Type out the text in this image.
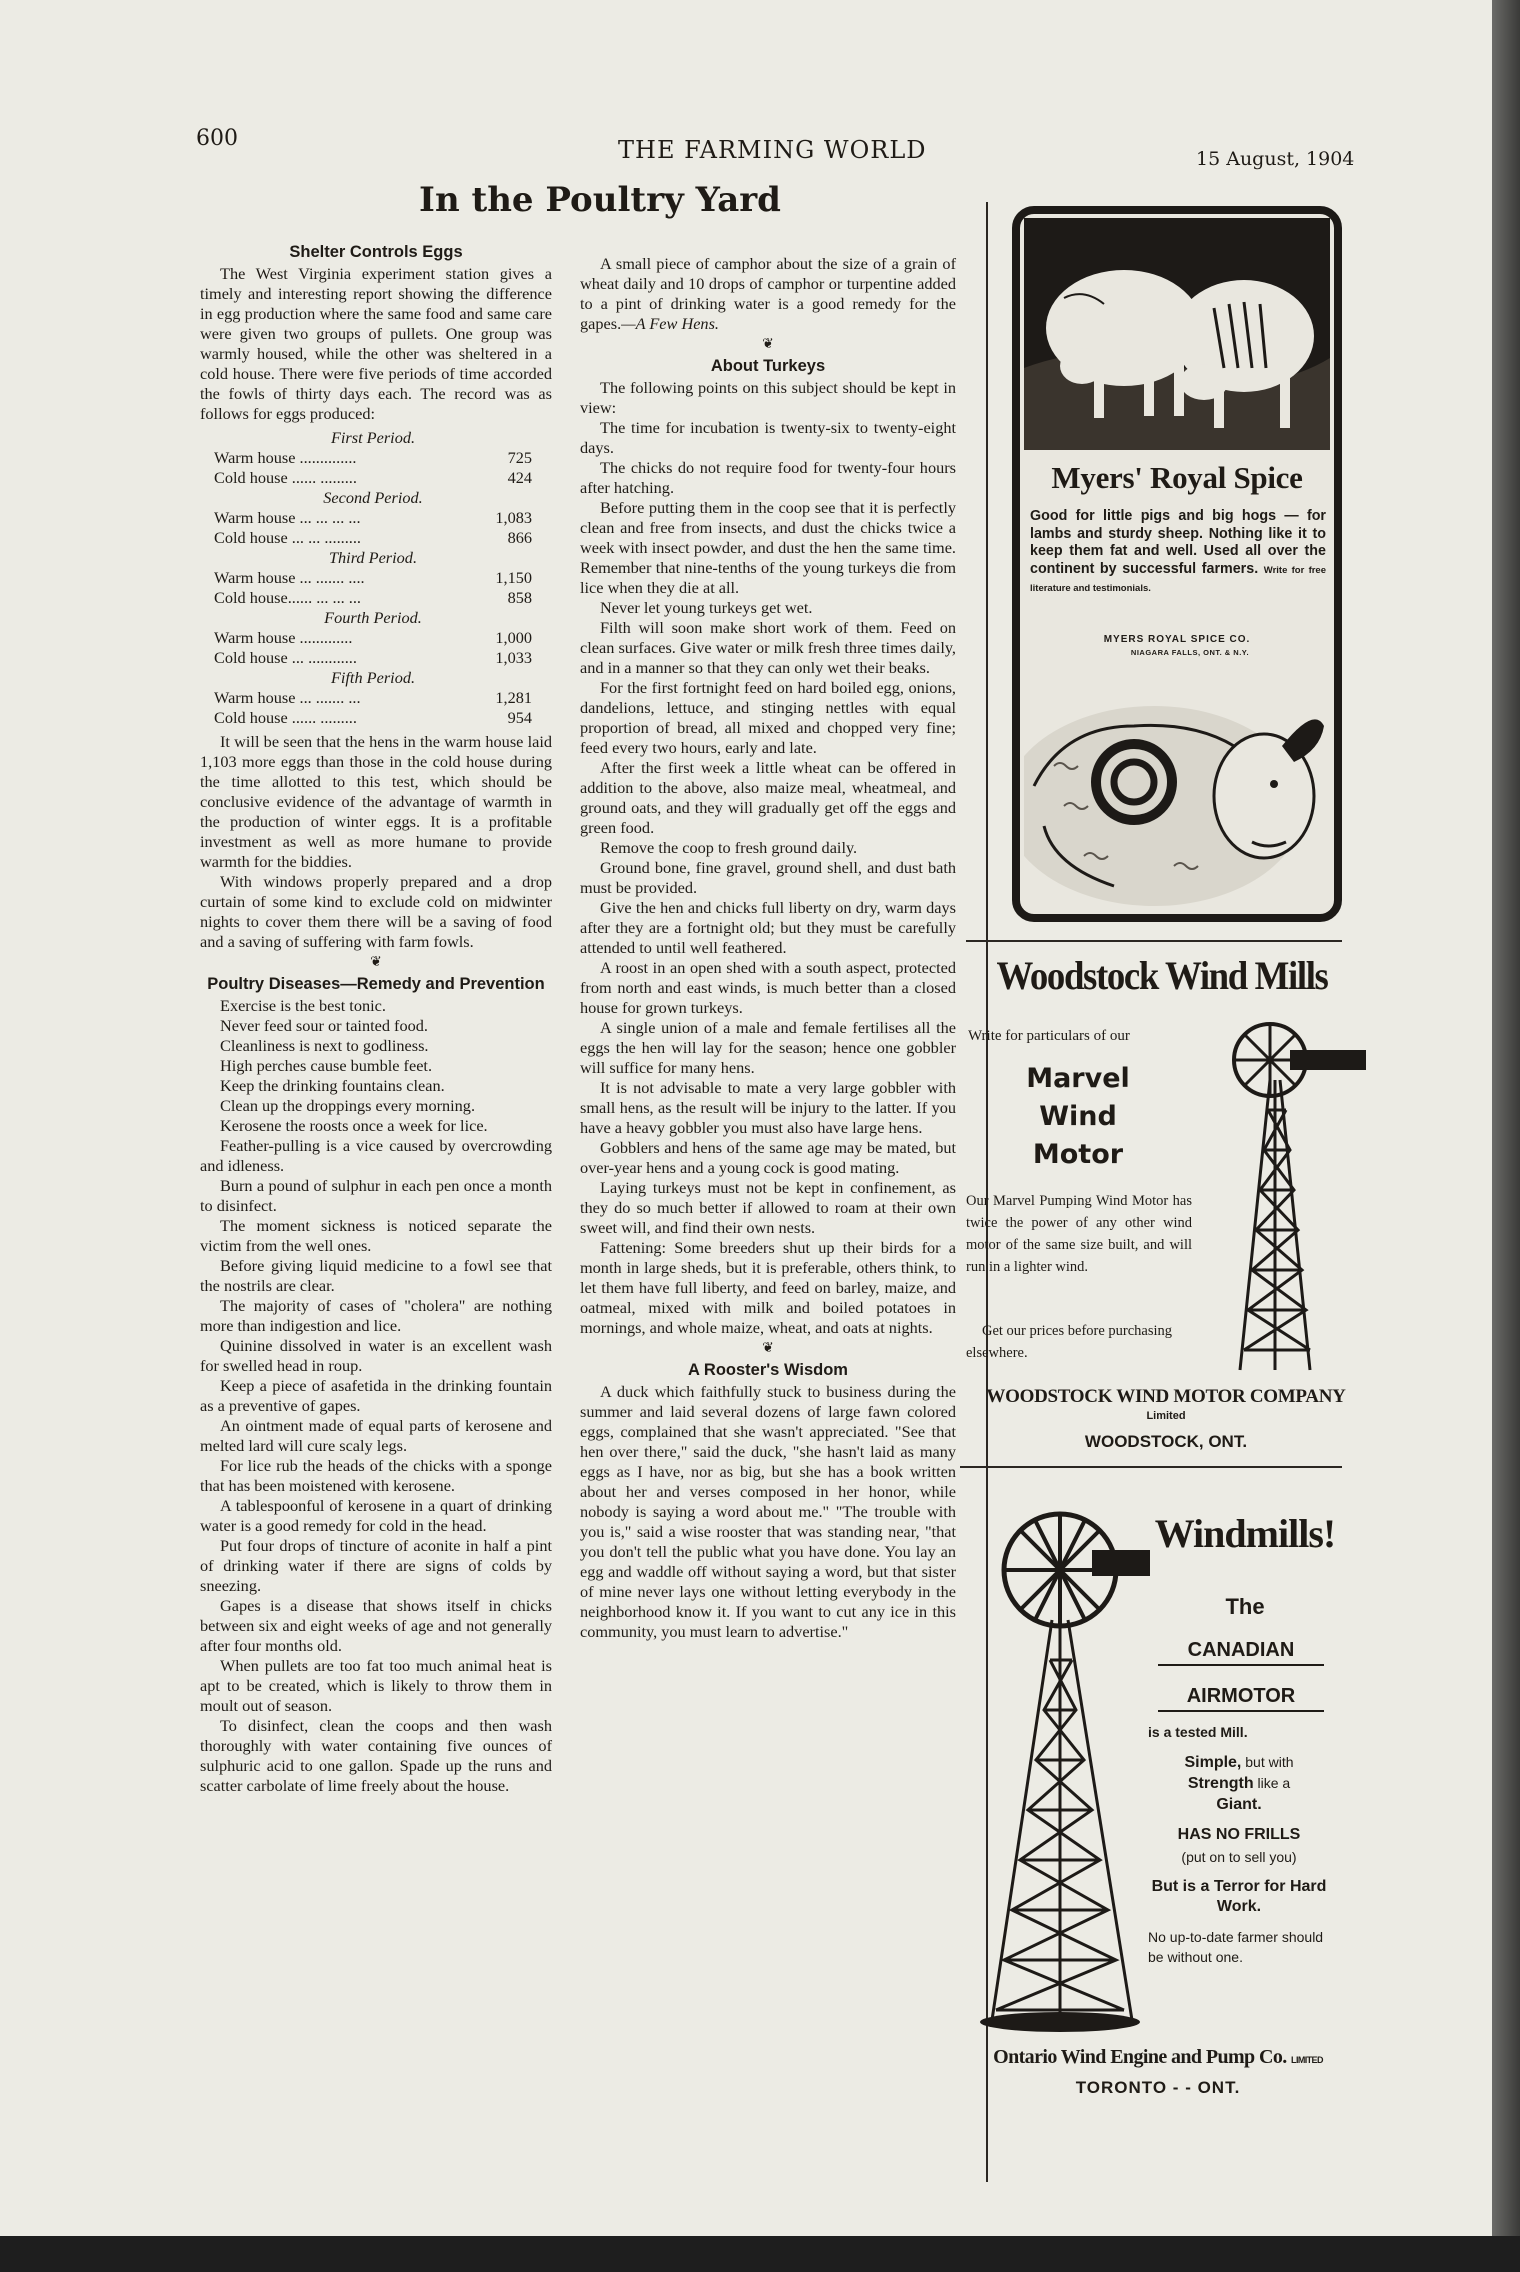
600	THE FARMING WORLD	15 August, 1904
In the Poultry Yard
Shelter Controls Eggs

The West Virginia experiment station gives a timely and interesting report showing the difference in egg production where the same food and same care were given two groups of pullets. One group was warmly housed, while the other was sheltered in a cold house. There were five periods of time accorded the fowls of thirty days each. The record was as follows for eggs produced:

First Period.
Warm house ..............	725
Cold house ...... .........	424
Second Period.
Warm house ... ... ... ...	1,083
Cold house ... ... .........	866
Third Period.
Warm house ... ....... ....	1,150
Cold house...... ... ... ...	858
Fourth Period.
Warm house .............	1,000
Cold house ... ............	1,033
Fifth Period.
Warm house ... ....... ...	1,281
Cold house ...... .........	954

It will be seen that the hens in the warm house laid 1,103 more eggs than those in the cold house during the time allotted to this test, which should be conclusive evidence of the advantage of warmth in the production of winter eggs. It is a profitable investment as well as more humane to provide warmth for the biddies.

With windows properly prepared and a drop curtain of some kind to exclude cold on midwinter nights to cover them there will be a saving of food and a saving of suffering with farm fowls.

❦
Poultry Diseases—Remedy and Prevention

Exercise is the best tonic.

Never feed sour or tainted food.

Cleanliness is next to godliness.

High perches cause bumble feet.

Keep the drinking fountains clean.

Clean up the droppings every morning.

Kerosene the roosts once a week for lice.

Feather-pulling is a vice caused by overcrowding and idleness.

Burn a pound of sulphur in each pen once a month to disinfect.

The moment sickness is noticed separate the victim from the well ones.

Before giving liquid medicine to a fowl see that the nostrils are clear.

The majority of cases of "cholera" are nothing more than indigestion and lice.

Quinine dissolved in water is an excellent wash for swelled head in roup.

Keep a piece of asafetida in the drinking fountain as a preventive of gapes.

An ointment made of equal parts of kerosene and melted lard will cure scaly legs.

For lice rub the heads of the chicks with a sponge that has been moistened with kerosene.

A tablespoonful of kerosene in a quart of drinking water is a good remedy for cold in the head.

Put four drops of tincture of aconite in half a pint of drinking water if there are signs of colds by sneezing.

Gapes is a disease that shows itself in chicks between six and eight weeks of age and not generally after four months old.

When pullets are too fat too much animal heat is apt to be created, which is likely to throw them in moult out of season.

To disinfect, clean the coops and then wash thoroughly with water containing five ounces of sulphuric acid to one gallon. Spade up the runs and scatter carbolate of lime freely about the house.

A small piece of camphor about the size of a grain of wheat daily and 10 drops of camphor or turpentine added to a pint of drinking water is a good remedy for the gapes.—A Few Hens.

❦
About Turkeys

The following points on this subject should be kept in view:

The time for incubation is twenty-six to twenty-eight days.

The chicks do not require food for twenty-four hours after hatching.

Before putting them in the coop see that it is perfectly clean and free from insects, and dust the chicks twice a week with insect powder, and dust the hen the same time. Remember that nine-tenths of the young turkeys die from lice when they die at all.

Never let young turkeys get wet.

Filth will soon make short work of them. Feed on clean surfaces. Give water or milk fresh three times daily, and in a manner so that they can only wet their beaks.

For the first fortnight feed on hard boiled egg, onions, dandelions, lettuce, and stinging nettles with equal proportion of bread, all mixed and chopped very fine; feed every two hours, early and late.

After the first week a little wheat can be offered in addition to the above, also maize meal, wheatmeal, and ground oats, and they will gradually get off the eggs and green food.

Remove the coop to fresh ground daily.

Ground bone, fine gravel, ground shell, and dust bath must be provided.

Give the hen and chicks full liberty on dry, warm days after they are a fortnight old; but they must be carefully attended to until well feathered.

A roost in an open shed with a south aspect, protected from north and east winds, is much better than a closed house for grown turkeys.

A single union of a male and female fertilises all the eggs the hen will lay for the season; hence one gobbler will suffice for many hens.

It is not advisable to mate a very large gobbler with small hens, as the result will be injury to the latter. If you have a heavy gobbler you must also have large hens.

Gobblers and hens of the same age may be mated, but over-year hens and a young cock is good mating.

Laying turkeys must not be kept in confinement, as they do so much better if allowed to roam at their own sweet will, and find their own nests.

Fattening: Some breeders shut up their birds for a month in large sheds, but it is preferable, others think, to let them have full liberty, and feed on barley, maize, and oatmeal, mixed with milk and boiled potatoes in mornings, and whole maize, wheat, and oats at nights.

❦
A Rooster's Wisdom

A duck which faithfully stuck to business during the summer and laid several dozens of large fawn colored eggs, complained that she wasn't appreciated. "See that hen over there," said the duck, "she hasn't laid as many eggs as I have, nor as big, but she has a book written about her and verses composed in her honor, while nobody is saying a word about me." "The trouble with you is," said a wise rooster that was standing near, "that you don't tell the public what you have done. You lay an egg and waddle off without saying a word, but that sister of mine never lays one without letting everybody in the neighborhood know it. If you want to cut any ice in this community, you must learn to advertise."

Myers' Royal Spice
Good for little pigs and big hogs — for lambs and sturdy sheep. Nothing like it to keep them fat and well. Used all over the continent by successful farmers. Write for free literature and testimonials.
MYERS ROYAL SPICE CO.
NIAGARA FALLS, ONT. & N.Y.
Woodstock Wind Mills
Write for particulars of our
Marvel
Wind
Motor
Our Marvel Pumping Wind Motor has twice the power of any other wind motor of the same size built, and will run in a lighter wind.
Get our prices before purchasing elsewhere.
WOODSTOCK WIND MOTOR COMPANY
Limited
WOODSTOCK, ONT.
Windmills!
The
CANADIAN
AIRMOTOR
is a tested Mill.
Simple, but with
Strength like a
Giant.
HAS NO FRILLS
(put on to sell you)
But is a Terror for Hard Work.
No up-to-date farmer should be without one.
Ontario Wind Engine and Pump Co. LIMITED
TORONTO - - ONT.
